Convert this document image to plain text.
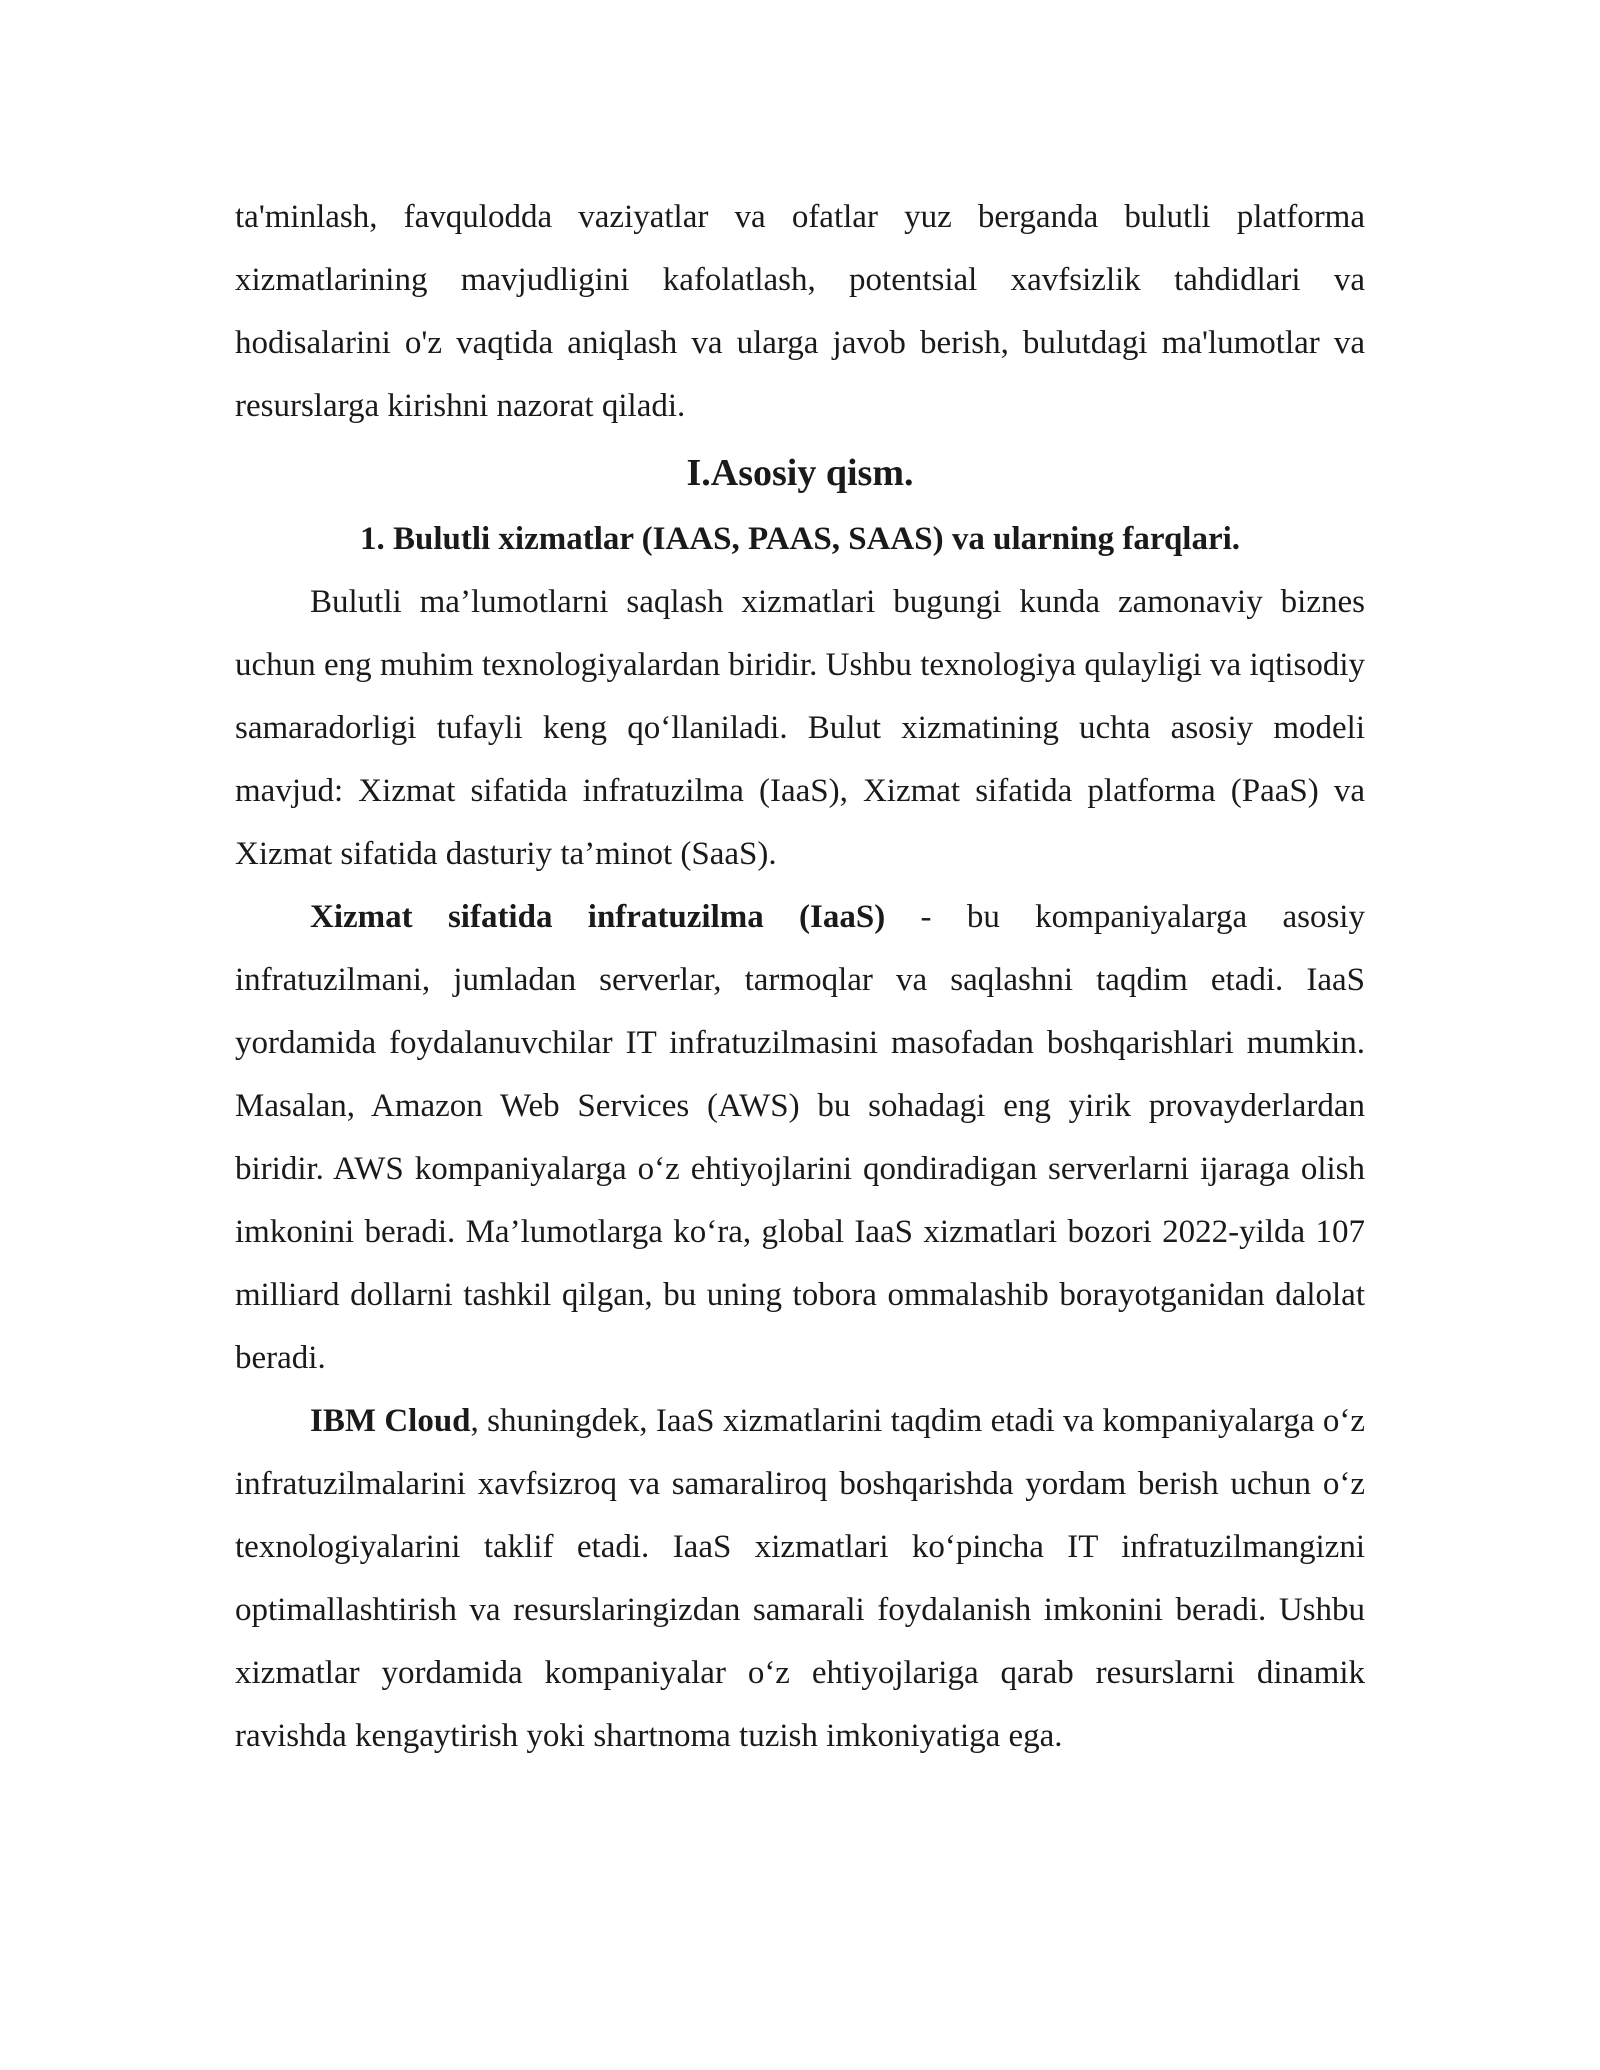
ta'minlash, favqulodda vaziyatlar va ofatlar yuz berganda bulutli platforma xizmatlarining mavjudligini kafolatlash, potentsial xavfsizlik tahdidlari va hodisalarini o'z vaqtida aniqlash va ularga javob berish, bulutdagi ma'lumotlar va resurslarga kirishni nazorat qiladi.

I.Asosiy qism.
1. Bulutli xizmatlar (IAAS, PAAS, SAAS) va ularning farqlari.

Bulutli ma’lumotlarni saqlash xizmatlari bugungi kunda zamonaviy biznes uchun eng muhim texnologiyalardan biridir. Ushbu texnologiya qulayligi va iqtisodiy samaradorligi tufayli keng qo‘llaniladi. Bulut xizmatining uchta asosiy modeli mavjud: Xizmat sifatida infratuzilma (IaaS), Xizmat sifatida platforma (PaaS) va Xizmat sifatida dasturiy ta’minot (SaaS).

Xizmat sifatida infratuzilma (IaaS) - bu kompaniyalarga asosiy infratuzilmani, jumladan serverlar, tarmoqlar va saqlashni taqdim etadi. IaaS yordamida foydalanuvchilar IT infratuzilmasini masofadan boshqarishlari mumkin. Masalan, Amazon Web Services (AWS) bu sohadagi eng yirik provayderlardan biridir. AWS kompaniyalarga o‘z ehtiyojlarini qondiradigan serverlarni ijaraga olish imkonini beradi. Ma’lumotlarga ko‘ra, global IaaS xizmatlari bozori 2022-yilda 107 milliard dollarni tashkil qilgan, bu uning tobora ommalashib borayotganidan dalolat beradi.

IBM Cloud, shuningdek, IaaS xizmatlarini taqdim etadi va kompaniyalarga o‘z infratuzilmalarini xavfsizroq va samaraliroq boshqarishda yordam berish uchun o‘z texnologiyalarini taklif etadi. IaaS xizmatlari ko‘pincha IT infratuzilmangizni optimallashtirish va resurslaringizdan samarali foydalanish imkonini beradi. Ushbu xizmatlar yordamida kompaniyalar o‘z ehtiyojlariga qarab resurslarni dinamik ravishda kengaytirish yoki shartnoma tuzish imkoniyatiga ega.
